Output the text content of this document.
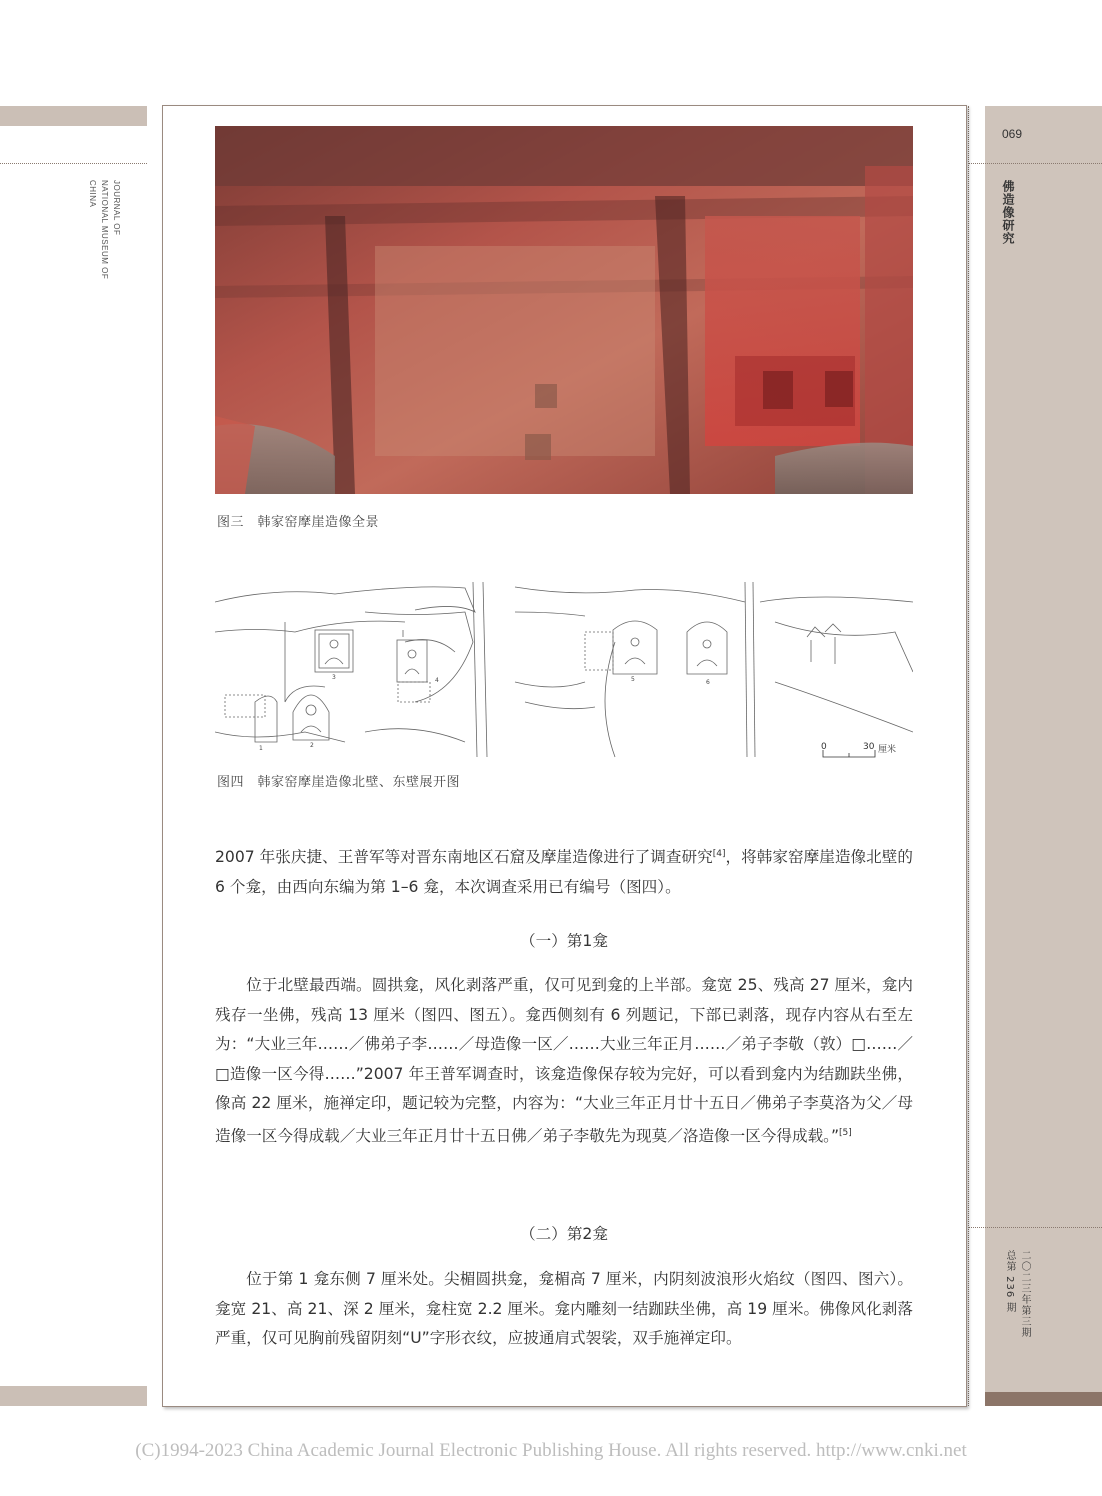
JOURNAL OF
NATIONAL MUSEUM OF
CHINA
069
佛造像研究
二〇二三年第三期
总第 236 期
图三　韩家窑摩崖造像全景
1	2
3	4	5	6
0	30 厘米
图四　韩家窑摩崖造像北壁、东壁展开图
2007 年张庆捷、王普军等对晋东南地区石窟及摩崖造像进行了调查研究[4]，将韩家窑摩崖造像北壁的 6 个龛，由西向东编为第 1–6 龛，本次调查采用已有编号（图四）。
（一）第1龛
位于北壁最西端。圆拱龛，风化剥落严重，仅可见到龛的上半部。龛宽 25、残高 27 厘米，龛内残存一坐佛，残高 13 厘米（图四、图五）。龛西侧刻有 6 列题记，下部已剥落，现存内容从右至左为：“大业三年……／佛弟子李……／母造像一区／……大业三年正月……／弟子李敬（敦）□……／□造像一区今得……”2007 年王普军调查时，该龛造像保存较为完好，可以看到龛内为结跏趺坐佛，像高 22 厘米，施禅定印，题记较为完整，内容为：“大业三年正月廿十五日／佛弟子李莫洛为父／母造像一区今得成载／大业三年正月廿十五日佛／弟子李敬先为现莫／洛造像一区今得成载。”[5]
（二）第2龛
位于第 1 龛东侧 7 厘米处。尖楣圆拱龛，龛楣高 7 厘米，内阴刻波浪形火焰纹（图四、图六）。龛宽 21、高 21、深 2 厘米，龛柱宽 2.2 厘米。龛内雕刻一结跏趺坐佛，高 19 厘米。佛像风化剥落严重，仅可见胸前残留阴刻“U”字形衣纹，应披通肩式袈裟，双手施禅定印。
(C)1994-2023 China Academic Journal Electronic Publishing House. All rights reserved. http://www.cnki.net
